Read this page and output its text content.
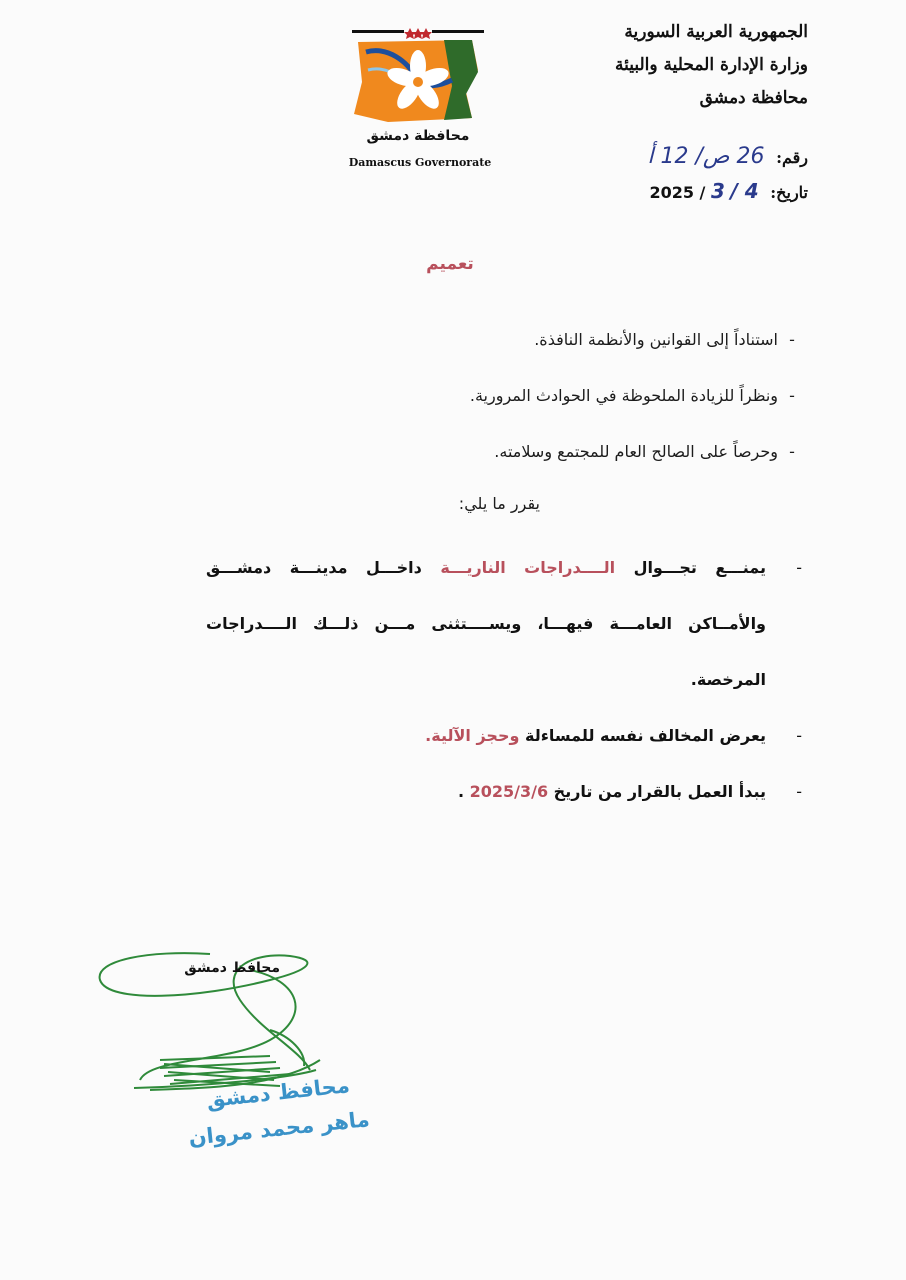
الجمهورية العربية السورية
وزارة الإدارة المحلية والبيئة
محافظة دمشق
رقم: 26 ص/ 12 أ
تاريخ: 2025 / 3 / 4
محافظة دمشق
Damascus Governorate
تعميم
-استناداً إلى القوانين والأنظمة النافذة.
-ونظراً للزيادة الملحوظة في الحوادث المرورية.
-وحرصاً على الصالح العام للمجتمع وسلامته.
يقرر ما يلي:
-
يمنـــع تجـــوال الــــدراجات الناريـــة داخـــل مدينـــة دمشـــق والأمــاكن العامـــة فيهـــا، ويســــتثنى مـــن ذلـــك الــــدراجات المرخصة.
-
يعرض المخالف نفسه للمساءلة وحجز الآلية.
-
يبدأ العمل بالقرار من تاريخ 2025/3/6 .
محافظ دمشق
محافظ دمشق
ماهر محمد مروان
